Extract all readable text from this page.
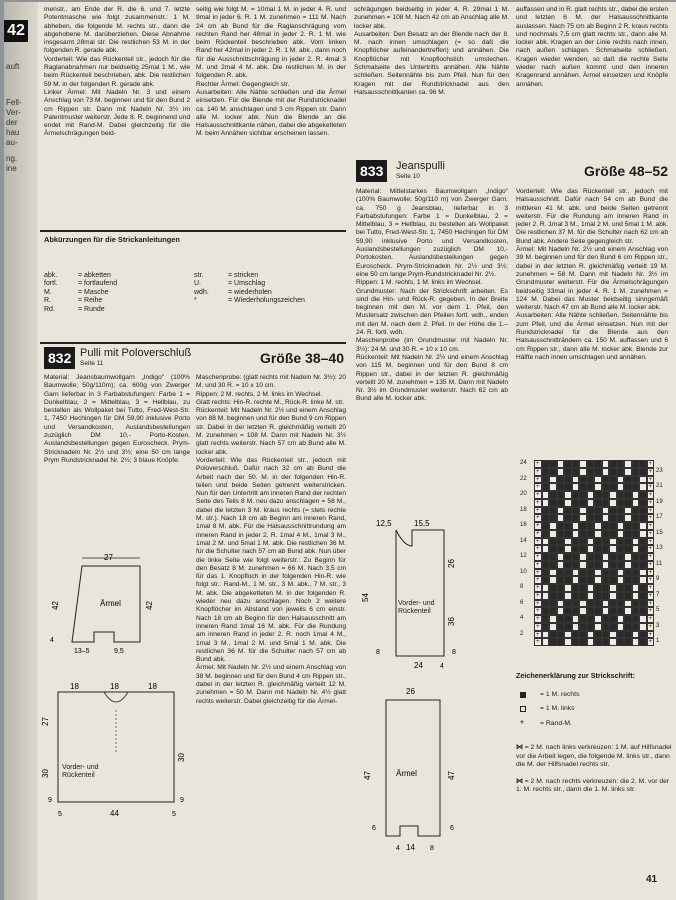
42
auft
Fell-
Ver-
der
hau
au-
ng.
ine

menstr., am Ende der R. die 6. und 7. letzte Potentmasche wie folgt zusammenstr.: 1 M. abheben, die folgende M. rechts str., dann die abgehobene M. darüberziehen. Diese Abnahme insgesamt 28mal str. Die restlichen 53 M. in der folgenden R. gerade abk.

Vorderteil: Wie das Rückenteil str., jedoch für die Raglanabnahmen nur beidseitig 25mal 1 M., wie beim Rückenteil beschrieben, abk. Die restlichen 59 M. in der folgenden R. gerade abk.

Linker Ärmel: Mit Nadeln Nr. 3 und einem Anschlag von 73 M. beginnen und für den Bund 2 cm Rippen str. Dann mit Nadeln Nr. 3½ im Patentmuster weiterstr. Jede 8. R. beginnend und endet mit Rand-M. Dabei gleichzeitig für die Ärmelschrägungen beid-

seitig wie folgt M. = 10mal 1 M. in jeder 4. R. und 9mal in jeder 6. R. 1 M. zunehmen = 111 M. Nach 24 cm ab Bund für die Raglanschrägung vom rechten Rand her 48mal in jeder 2. R. 1 M. wie beim Rückenteil beschrieben abk. Vom linken Rand her 42mal in jeder 2. R. 1 M. abk., dann noch für die Ausschnittschrägung in jeder 2. R. 4mal 3 M. und 2mal 4 M. abk. Die restlichen M. in der folgenden R. abk.

Rechter Ärmel: Gegengleich str.

Ausarbeiten: Alle Nähte schließen und die Ärmel einsetzen. Für die Blende mit der Rundstricknadel ca. 140 M. anschlagen und 3 cm Rippen str. Dann alle M. locker abk. Nun die Blende an die Halsausschnittkante nähen, dabei die abgeketteten M. beim Annähen sichtbar erscheinen lassen.

schrägungen beidseitig in jeder 4. R. 29mal 1 M. zunehmen = 108 M. Nach 42 cm ab Anschlag alle M. locker abk.

Ausarbeiten: Den Besatz an der Blende nach der 8. M. nach innen umschlagen (= so daß die Knopflöcher aufeinandertreffen) und annähen. Die Knopflöcher mit Knopflochstich umstechen. Schmalseite des Untertritts annähen. Alle Nähte schließen. Seitennähte bis zum Pfeil. Nun für den Kragen mit der Rundstricknadel aus den Halsausschnittkanten ca. 96 M.

auffassen und in R. glatt rechts str., dabei die ersten und letzten 6 M. der Halsausschnittkante auslassen. Nach 75 cm ab Beginn 2 R. kraus rechts und nochmals 7,5 cm glatt rechts str., dann alle M. locker abk. Kragen an der Linie rechts nach innen, nach außen schlagen. Schmalseite schließen. Kragen wieder wenden, so daß die rechte Seite wieder nach außen kommt und den inneren Kragenrand annähen. Ärmel einsetzen und Knöpfe annähen.

Abkürzungen für die Strickanleitungen
abk.	= abketten
fortl.	= fortlaufend
M.	= Masche
R.	= Reihe
Rd.	= Runde
str.	= stricken
U.	= Umschlag
wdh.	= wiederholen
*	= Wiederholungszeichen
832 Pulli mit Poloverschluß
Seite 11	Größe 38–40

Material: Jeansbaumwollgarn „Indigo" (100% Baumwolle; 50g/110m); ca. 600g von Zwerger Garn lieferbar in 3 Farbabstufungen: Farbe 1 = Dunkelblau, 2 = Mittelblau, 3 = Hellblau, zu bestellen als Wollpaket bei Tutto, Fred-West-Str. 1, 7450 Hechingen für DM 59,90 inklusive Porto und Versandkosten, Auslandsbestellungen zuzüglich DM 10,- Porto-Kosten. Auslandsbestellungen gegen Euroscheck. Prym-Stricknadeln Nr. 2½ und 3½; eine 50 cm lange Prym Rundstricknadel Nr. 2½; 3 blaue Knöpfe.

Maschenprobe: (glatt rechts mit Nadeln Nr. 3½): 20 M. und 30 R. = 10 x 10 cm.

Rippen: 2 M. rechts, 2 M. links im Wechsel.

Glatt rechts: Hin-R. rechte M., Rück-R. linke M. str.

Rückenteil: Mit Nadeln Nr. 2½ und einem Anschlag von 88 M. beginnen und für den Bund 9 cm Rippen str. Dabei in der letzten R. gleichmäßig verteilt 20 M. zunehmen = 108 M. Dann mit Nadeln Nr. 3½ glatt rechts weiterstr. Nach 57 cm ab Bund alle M. locker abk.

Vorderteil: Wie das Rückenteil str., jedoch mit Poloverschluß. Dafür nach 32 cm ab Bund die Arbeit nach der 50. M. in der folgenden Hin-R. teilen und beide Seiten getrennt weiterstricken. Nun für den Untertritt am inneren Rand der rechten Seite des Teils 8 M. neu dazu anschlagen = 58 M., dabei die letzten 3 M. kraus rechts (= stets rechte M. str.). Nach 18 cm ab Beginn am inneren Rand, 1mal 8 M. abk. Für die Halsausschnittrundung am inneren Rand in jeder 2. R. 1mal 4 M., 1mal 3 M., 1mal 2 M. und 5mal 1 M. abk. Die restlichen 36 M. für die Schulter nach 57 cm ab Bund abk. Nun über die linke Seite wie folgt weiterstr.: Zu Beginn für den Besatz 8 M. zunehmen = 66 M. Nach 3,5 cm für das 1. Knopfloch in der folgenden Hin-R. wie folgt str.: Rand-M., 1 M. str., 3 M. abk., 7 M. str., 3 M. abk. Die abgeketteten M. in der folgenden R. wieder neu dazu anschlagen. Noch 2 weitere Knopflöcher im Abstand von jeweils 6 cm einstr. Nach 18 cm ab Beginn für den Halsausschnitt am inneren Rand 1mal 16 M. abk. Für die Rundung am inneren Rand in jeder 2. R. noch 1mal 4 M., 1mal 3 M., 1mal 2 M. und 5mal 1 M. abk. Die restlichen 36 M. für die Schulter nach 57 cm ab Bund abk.

Ärmel: Mit Nadeln Nr. 2½ und einem Anschlag von 38 M. beginnen und für den Bund 4 cm Rippen str., dabei in der letzten R. gleichmäßig verteilt 12 M. zunehmen = 50 M. Dann mit Nadeln Nr. 4½ glatt rechts weiterstr. Dabei gleichzeitig für die Ärmel-

27
42	42
4
13–5	9,5
Ärmel
18	18	18
27
30
9	9
30
44
5	5
Vorder- und Rückenteil
833	Jeanspulli
Seite 10	Größe 48–52

Material: Mittelstarkes Baumwollgarn „Indigo" (100% Baumwolle; 50g/110 m) von Zwerger Garn: ca. 750 g Jeansblau, lieferbar in 3 Farbabstufungen: Farbe 1 = Dunkelblau, 2 = Mittelblau, 3 = Hellblau, zu bestellen als Wollpaket bei Tutto, Fred-West-Str. 1, 7450 Hechingen für DM 59,90 inklusive Porto und Versandkosten, Auslandsbestellungen zuzüglich DM 10,- Portokosten. Auslandsbestellungen gegen Euroscheck. Prym-Stricknadeln Nr. 2½ und 3½; eine 50 cm lange Prym-Rundstricknadel Nr. 2½.

Rippen: 1 M. rechts, 1 M. links im Wechsel.

Grundmuster: Nach der Strickschrift arbeiten. Es sind die Hin- und Rück-R. gegeben. In der Breite beginnen mit den M. vor dem 1. Pfeil, den Mustersatz zwischen den Pfeilen fortl. wdh., enden mit den M. nach dem 2. Pfeil. In der Höhe die 1.–24. R. fortl. wdh.

Maschenprobe (im Grundmuster mit Nadeln Nr. 3½): 24 M. und 30 R. = 10 x 10 cm.

Rückenteil: Mit Nadeln Nr. 2½ und einem Anschlag von 115 M. beginnen und für den Bund 8 cm Rippen str., dabei in der letzten R. gleichmäßig verteilt 20 M. zunehmen = 135 M. Dann mit Nadeln Nr. 3½ im Grundmuster weiterstr. Nach 62 cm ab Bund alle M. locker abk.

Vorderteil: Wie das Rückenteil str., jedoch mit Halsausschnitt. Dafür nach 54 cm ab Bund die mittleren 41 M. abk. und beide Seiten getrennt weiterstr. Für die Rundung am inneren Rand in jeder 2. R. 1mal 3 M., 1mal 2 M. und 5mal 1 M. abk. Die restlichen 37 M. für die Schulter nach 62 cm ab Bund abk. Andere Seite gegengleich str.

Ärmel: Mit Nadeln Nr. 2½ und einem Anschlag von 39 M. beginnen und für den Bund 6 cm Rippen str., dabei in der letzten R. gleichmäßig verteilt 19 M. zunehmen = 58 M. Dann mit Nadeln Nr. 3½ im Grundmuster weiterstr. Für die Ärmelschrägungen beidseitig 33mal in jeder 4. R. 1 M. zunehmen = 124 M. Dabei das Muster beidseitig sinngemäß weiterstr. Nach 47 cm ab Bund alle M. locker abk.

Ausarbeiten: Alle Nähte schließen, Seitennähte bis zum Pfeil, und die Ärmel einsetzen. Nun mit der Rundstricknadel für die Blende aus den Halsausschnitträndern ca. 150 M. auffassen und 6 cm Rippen str., dann alle M. locker abk. Blende zur Hälfte nach innen umschlagen und annähen.

12,5	15,5
54
26
36
8	8
24 4
Vorder- und Rückenteil
26
47	47
6	6
14
4	8
Ärmel
+	+
+	+
+	+
+	+
+	+
+	+
+	+
+	+
+	+
+	+
+	+
+	+
+	+
+	+
+	+
+	+
+	+
+	+
+	+
+	+
+	+
+	+
+	+
+	+
24
22
20
18
16
14
12
10
8
6
4
2
23
21
19
17
15
13
11
9
7
5
3
1
Zeichenerklärung zur Strickschrift:
= 1 M. rechts
= 1 M. links
+ = Rand-M.
⋈ = 2 M. nach links verkreuzen: 1 M. auf Hilfsnadel vor die Arbeit legen, die folgende M. links str., dann die M. der Hilfsnadel rechts str.
⋈ = 2 M. nach rechts verkreuzen: die 2. M. vor der 1. M. rechts str., dann die 1. M. links str.
41
